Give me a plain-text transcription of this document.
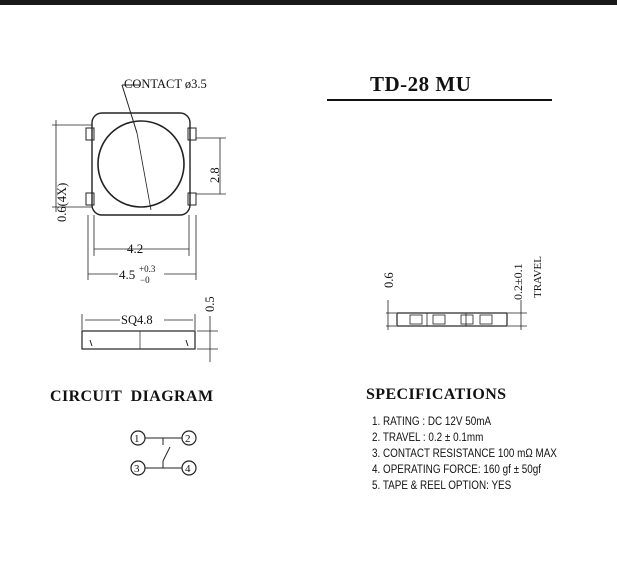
TD-28 MU
CONTACT ø3.5
0.6(4X)
2.8
4.2
4.5 +0.3
−0
SQ4.8
0.5
0.6	0.2±0.1 TRAVEL
CIRCUIT  DIAGRAM
1	2
3	4
SPECIFICATIONS
1. RATING : DC 12V 50mA
2. TRAVEL : 0.2 ± 0.1mm
3. CONTACT RESISTANCE 100 mΩ MAX
4. OPERATING FORCE: 160 gf ± 50gf
5. TAPE & REEL OPTION: YES
